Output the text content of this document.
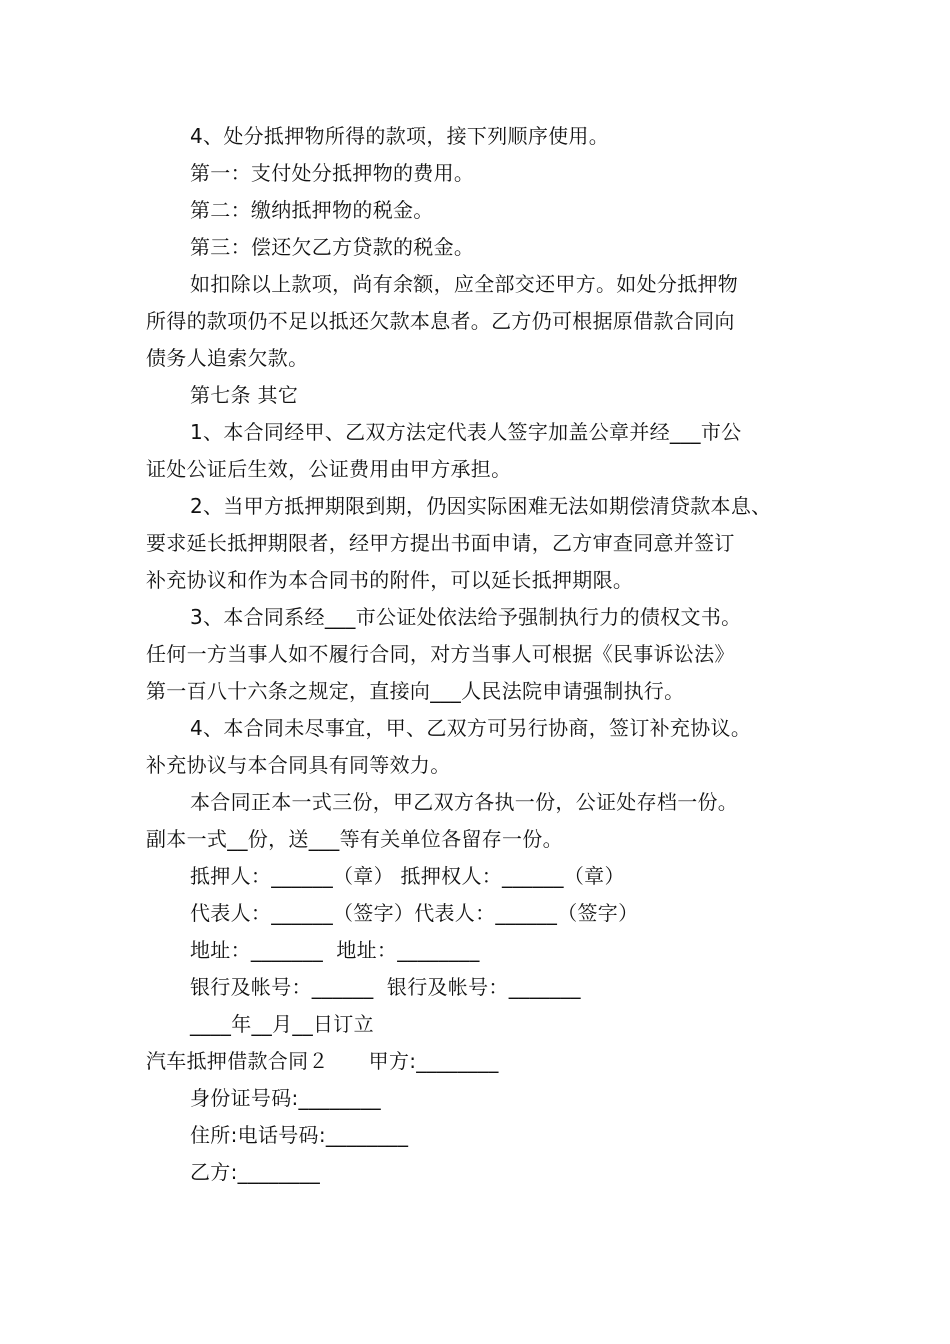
4、处分抵押物所得的款项，接下列顺序使用。
第一：支付处分抵押物的费用。
第二：缴纳抵押物的税金。
第三：偿还欠乙方贷款的税金。
如扣除以上款项，尚有余额，应全部交还甲方。如处分抵押物
所得的款项仍不足以抵还欠款本息者。乙方仍可根据原借款合同向
债务人追索欠款。
第七条 其它
1、本合同经甲、乙双方法定代表人签字加盖公章并经___市公
证处公证后生效，公证费用由甲方承担。
2、当甲方抵押期限到期，仍因实际困难无法如期偿清贷款本息、
要求延长抵押期限者，经甲方提出书面申请，乙方审查同意并签订
补充协议和作为本合同书的附件，可以延长抵押期限。
3、本合同系经___市公证处依法给予强制执行力的债权文书。
任何一方当事人如不履行合同，对方当事人可根据《民事诉讼法》
第一百八十六条之规定，直接向___人民法院申请强制执行。
4、本合同未尽事宜，甲、乙双方可另行协商，签订补充协议。
补充协议与本合同具有同等效力。
本合同正本一式三份，甲乙双方各执一份，公证处存档一份。
副本一式__份，送___等有关单位各留存一份。
抵押人：______（章） 抵押权人：______（章）
代表人：______（签字）代表人：______（签字）
地址：_______  地址：________
银行及帐号：______  银行及帐号：_______
____年__月__日订立
汽车抵押借款合同２      甲方:________
身份证号码:________
住所:电话号码:________
乙方:________
